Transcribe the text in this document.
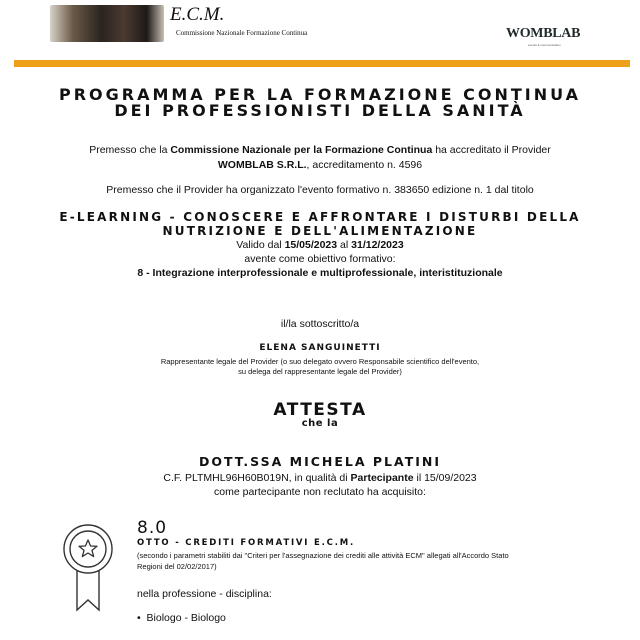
E.C.M.
Commissione Nazionale Formazione Continua	WOMBLAB
events & communication
PROGRAMMA PER LA FORMAZIONE CONTINUA
DEI PROFESSIONISTI DELLA SANITÀ
Premesso che la Commissione Nazionale per la Formazione Continua ha accreditato il Provider
WOMBLAB S.R.L., accreditamento n. 4596
Premesso che il Provider ha organizzato l'evento formativo n. 383650 edizione n. 1 dal titolo
E-LEARNING - CONOSCERE E AFFRONTARE I DISTURBI DELLA
NUTRIZIONE E DELL'ALIMENTAZIONE
Valido dal 15/05/2023 al 31/12/2023
avente come obiettivo formativo:
8 - Integrazione interprofessionale e multiprofessionale, interistituzionale
il/la sottoscritto/a
ELENA SANGUINETTI
Rappresentante legale del Provider (o suo delegato ovvero Responsabile scientifico dell'evento,
su delega del rappresentante legale del Provider)
ATTESTA
che la
DOTT.SSA MICHELA PLATINI
C.F. PLTMHL96H60B019N, in qualità di Partecipante il 15/09/2023
come partecipante non reclutato ha acquisito:
8.0
OTTO - CREDITI FORMATIVI E.C.M.
(secondo i parametri stabiliti dai "Criteri per l'assegnazione dei crediti alle attività ECM" allegati all'Accordo Stato
Regioni del 02/02/2017)
nella professione - disciplina:
•  Biologo - Biologo
